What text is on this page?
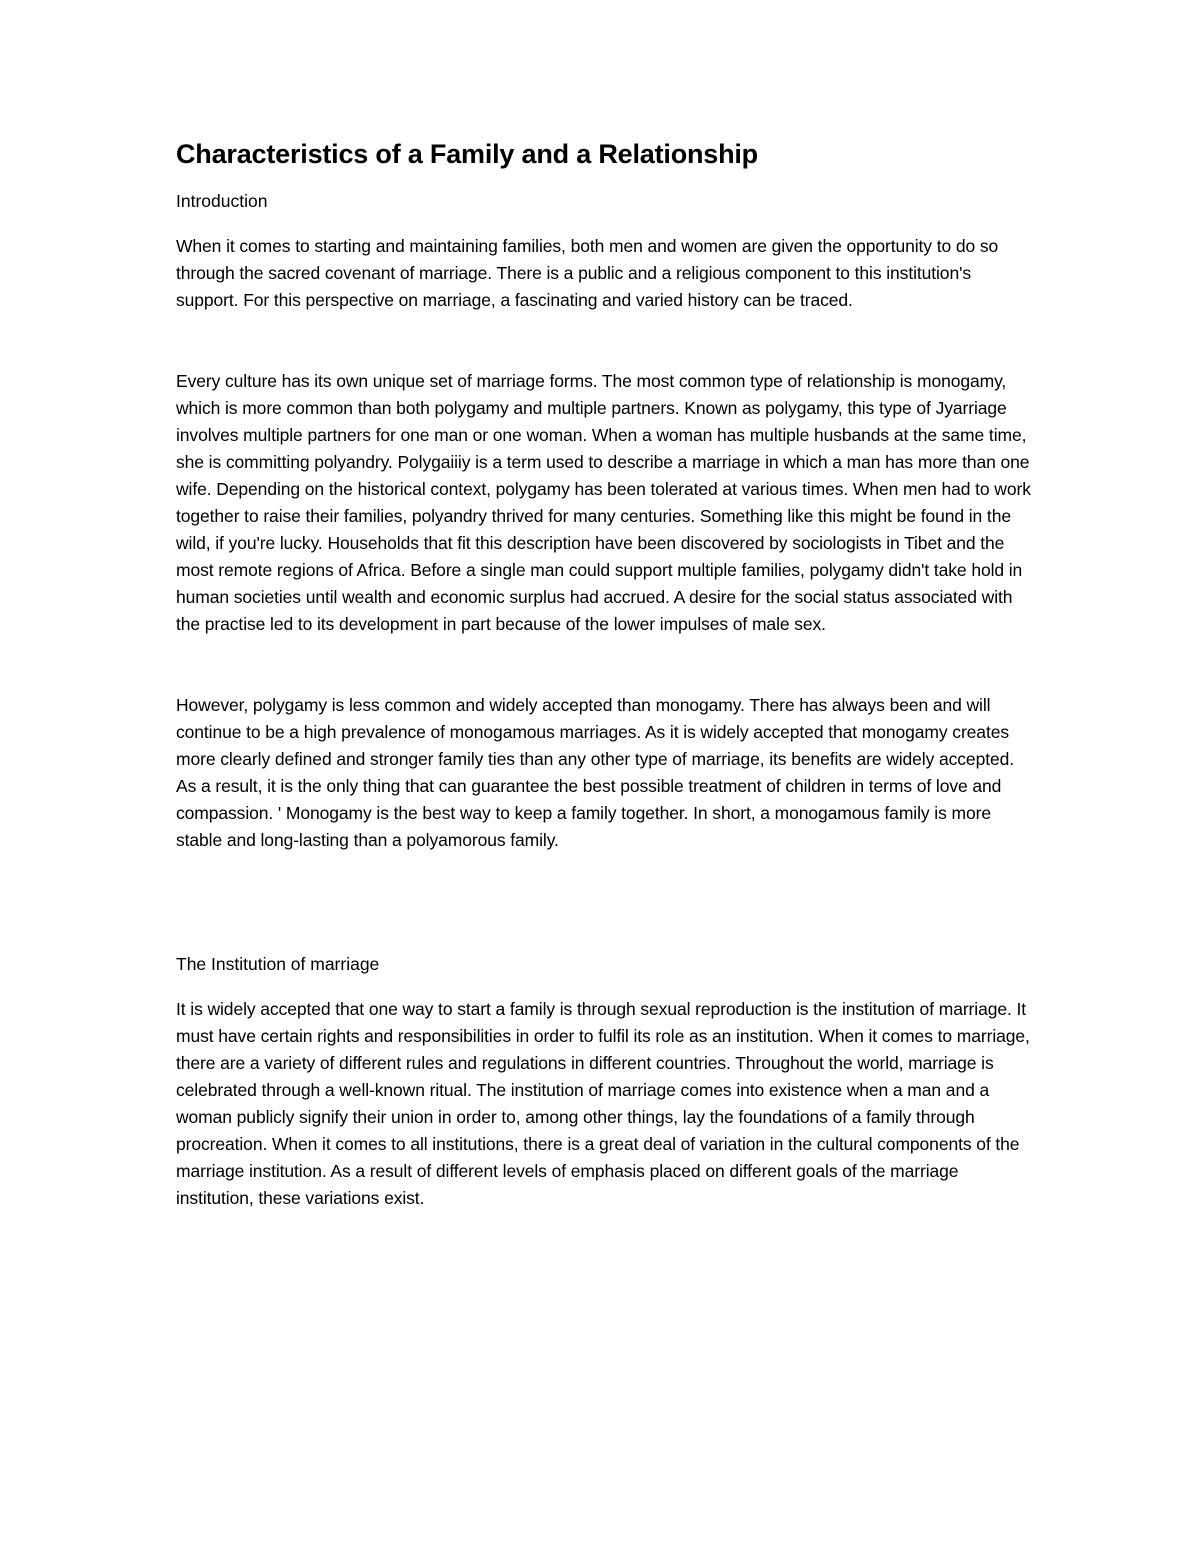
Characteristics of a Family and a Relationship

Introduction

When it comes to starting and maintaining families, both men and women are given the opportunity to do so through the sacred covenant of marriage. There is a public and a religious component to this institution's support. For this perspective on marriage, a fascinating and varied history can be traced.

Every culture has its own unique set of marriage forms. The most common type of relationship is monogamy, which is more common than both polygamy and multiple partners. Known as polygamy, this type of Jyarriage involves multiple partners for one man or one woman. When a woman has multiple husbands at the same time, she is committing polyandry. Polygaiiiy is a term used to describe a marriage in which a man has more than one wife. Depending on the historical context, polygamy has been tolerated at various times. When men had to work together to raise their families, polyandry thrived for many centuries. Something like this might be found in the wild, if you're lucky. Households that fit this description have been discovered by sociologists in Tibet and the most remote regions of Africa. Before a single man could support multiple families, polygamy didn't take hold in human societies until wealth and economic surplus had accrued. A desire for the social status associated with the practise led to its development in part because of the lower impulses of male sex.

However, polygamy is less common and widely accepted than monogamy. There has always been and will continue to be a high prevalence of monogamous marriages. As it is widely accepted that monogamy creates more clearly defined and stronger family ties than any other type of marriage, its benefits are widely accepted. As a result, it is the only thing that can guarantee the best possible treatment of children in terms of love and compassion. ' Monogamy is the best way to keep a family together. In short, a monogamous family is more stable and long-lasting than a polyamorous family.

The Institution of marriage

It is widely accepted that one way to start a family is through sexual reproduction is the institution of marriage. It must have certain rights and responsibilities in order to fulfil its role as an institution. When it comes to marriage, there are a variety of different rules and regulations in different countries. Throughout the world, marriage is celebrated through a well-known ritual. The institution of marriage comes into existence when a man and a woman publicly signify their union in order to, among other things, lay the foundations of a family through procreation. When it comes to all institutions, there is a great deal of variation in the cultural components of the marriage institution. As a result of different levels of emphasis placed on different goals of the marriage institution, these variations exist.
